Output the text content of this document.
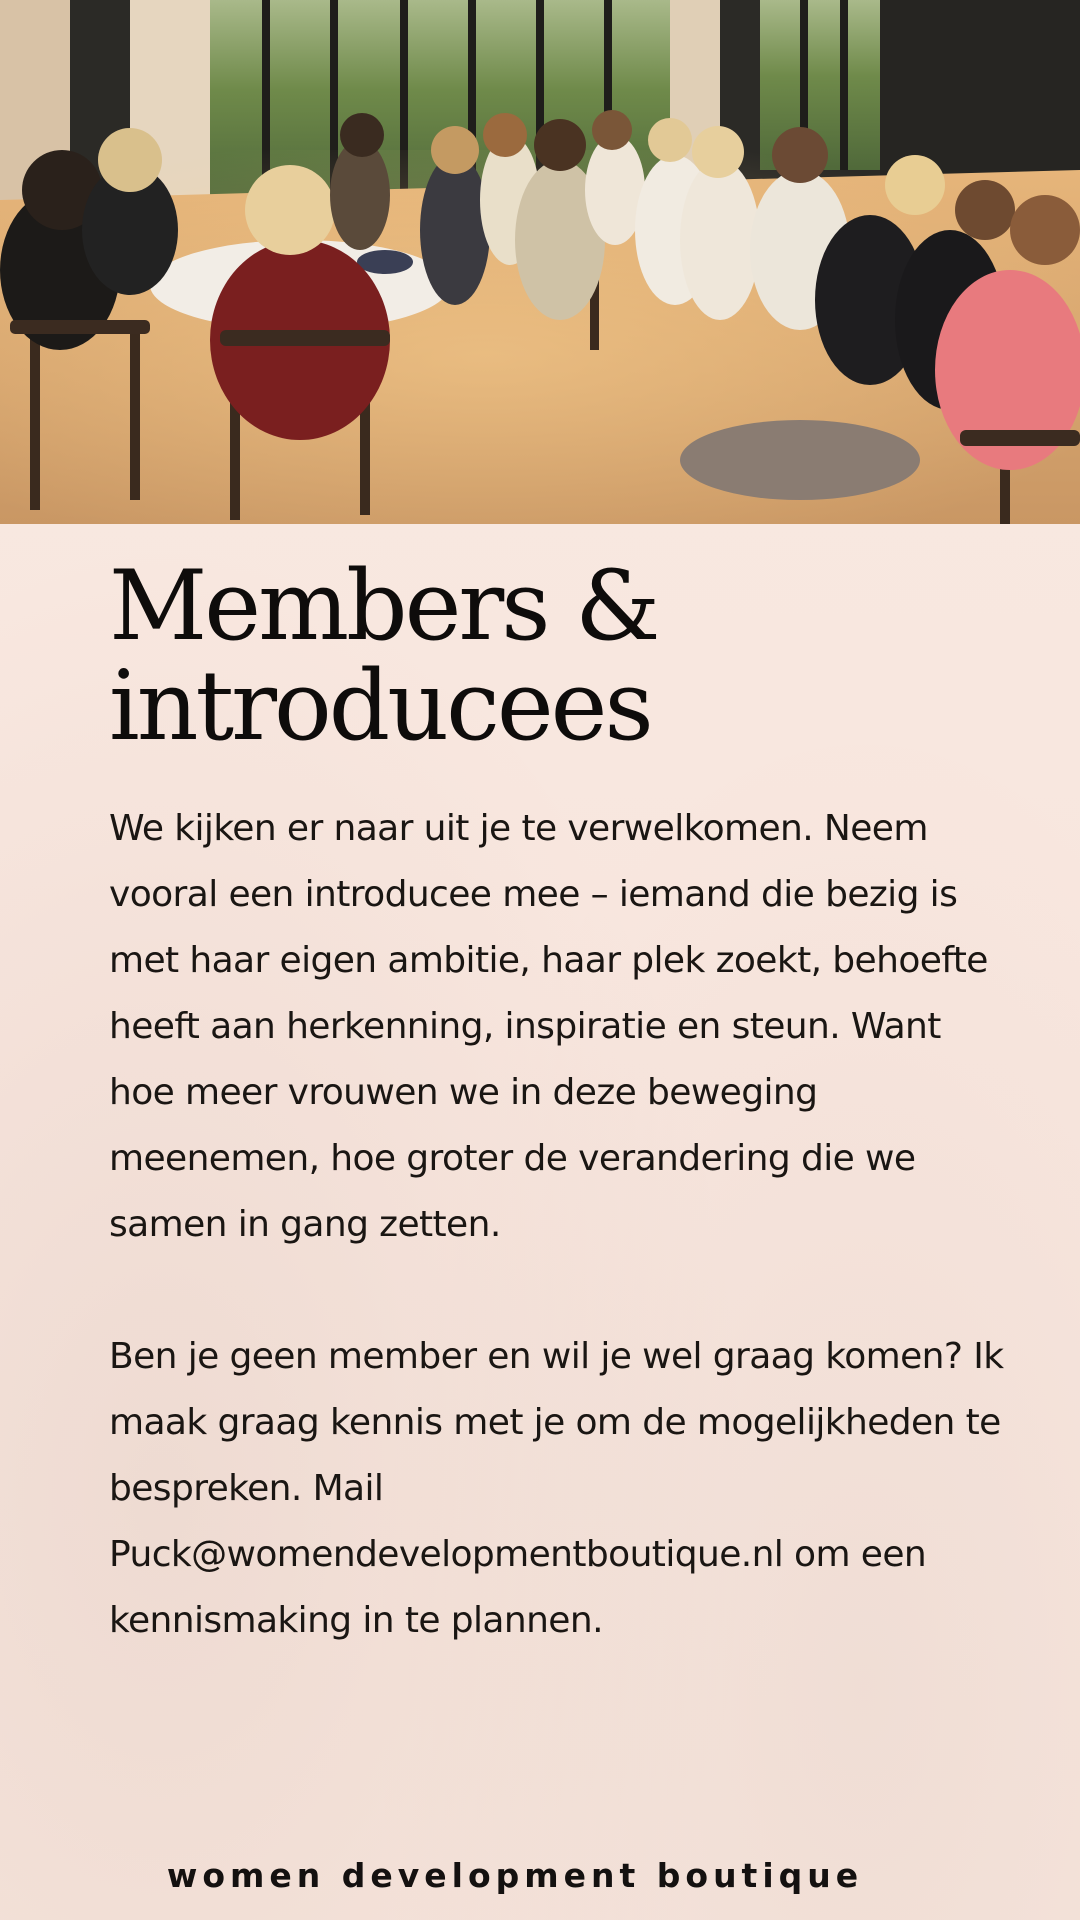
Members &
introducees

We kijken er naar uit je te verwelkomen. Neem vooral een introducee mee – iemand die bezig is met haar eigen ambitie, haar plek zoekt, behoefte heeft aan herkenning, inspiratie en steun. Want hoe meer vrouwen we in deze beweging meenemen, hoe groter de verandering die we samen in gang zetten.

Ben je geen member en wil je wel graag komen? Ik maak graag kennis met je om de mogelijkheden te bespreken. Mail Puck@womendevelopmentboutique.nl om een kennismaking in te plannen.

women development boutique
